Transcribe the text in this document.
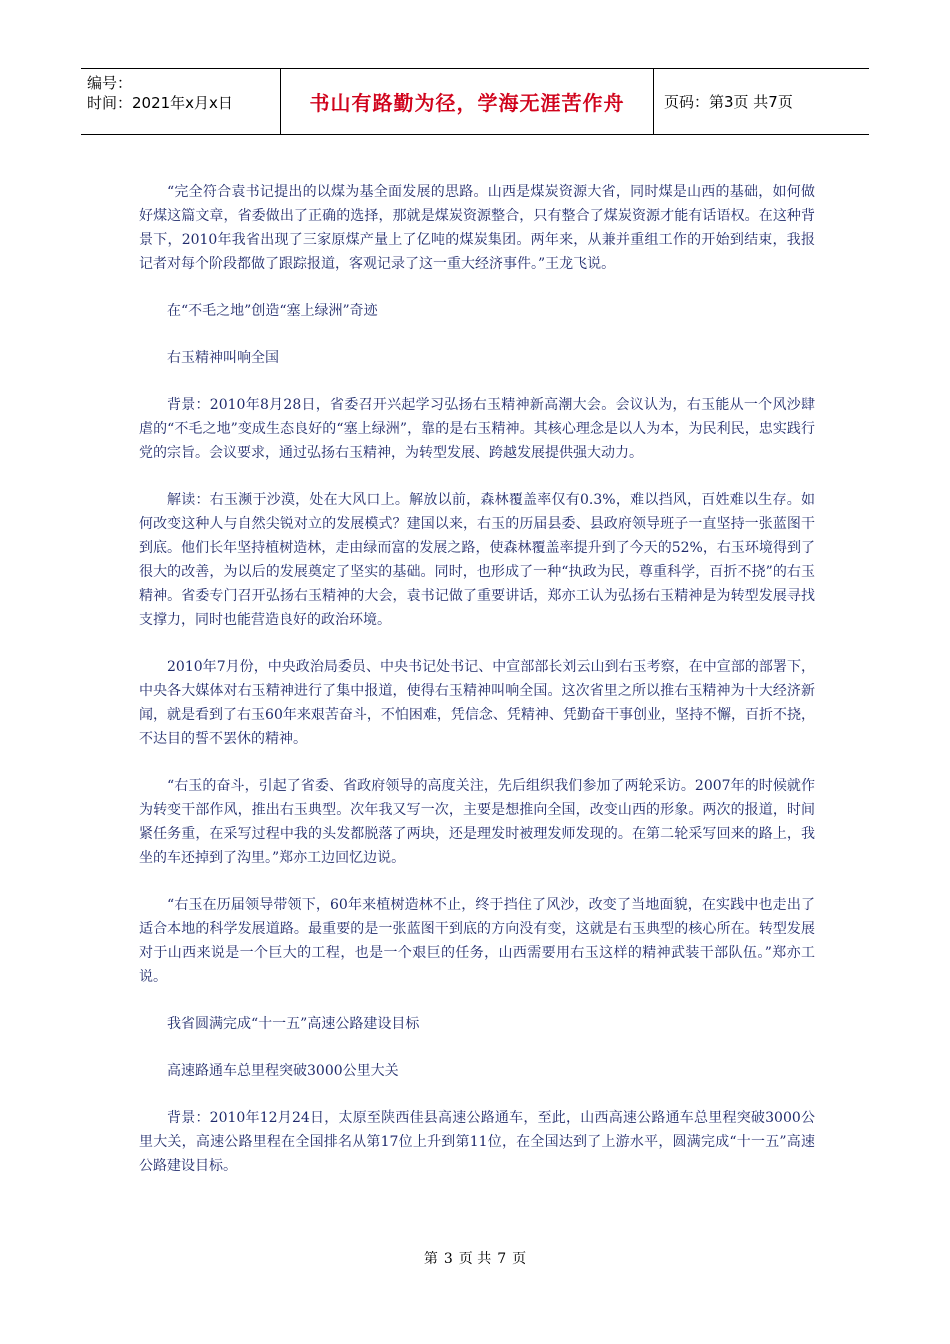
编号：
时间：2021年x月x日	书山有路勤为径，学海无涯苦作舟	页码：第3页 共7页

“完全符合袁书记提出的以煤为基全面发展的思路。山西是煤炭资源大省，同时煤是山西的基础，如何做好煤这篇文章，省委做出了正确的选择，那就是煤炭资源整合，只有整合了煤炭资源才能有话语权。在这种背景下，2010年我省出现了三家原煤产量上了亿吨的煤炭集团。两年来，从兼并重组工作的开始到结束，我报记者对每个阶段都做了跟踪报道，客观记录了这一重大经济事件。”王龙飞说。

在“不毛之地”创造“塞上绿洲”奇迹

右玉精神叫响全国

背景：2010年8月28日，省委召开兴起学习弘扬右玉精神新高潮大会。会议认为，右玉能从一个风沙肆虐的“不毛之地”变成生态良好的“塞上绿洲”，靠的是右玉精神。其核心理念是以人为本，为民利民，忠实践行党的宗旨。会议要求，通过弘扬右玉精神，为转型发展、跨越发展提供强大动力。

解读：右玉濒于沙漠，处在大风口上。解放以前，森林覆盖率仅有0.3%，难以挡风，百姓难以生存。如何改变这种人与自然尖锐对立的发展模式？建国以来，右玉的历届县委、县政府领导班子一直坚持一张蓝图干到底。他们长年坚持植树造林，走由绿而富的发展之路，使森林覆盖率提升到了今天的52%，右玉环境得到了很大的改善，为以后的发展奠定了坚实的基础。同时，也形成了一种“执政为民，尊重科学，百折不挠”的右玉精神。省委专门召开弘扬右玉精神的大会，袁书记做了重要讲话，郑亦工认为弘扬右玉精神是为转型发展寻找支撑力，同时也能营造良好的政治环境。

2010年7月份，中央政治局委员、中央书记处书记、中宣部部长刘云山到右玉考察，在中宣部的部署下，中央各大媒体对右玉精神进行了集中报道，使得右玉精神叫响全国。这次省里之所以推右玉精神为十大经济新闻，就是看到了右玉60年来艰苦奋斗，不怕困难，凭信念、凭精神、凭勤奋干事创业，坚持不懈，百折不挠，不达目的誓不罢休的精神。

“右玉的奋斗，引起了省委、省政府领导的高度关注，先后组织我们参加了两轮采访。2007年的时候就作为转变干部作风，推出右玉典型。次年我又写一次，主要是想推向全国，改变山西的形象。两次的报道，时间紧任务重，在采写过程中我的头发都脱落了两块，还是理发时被理发师发现的。在第二轮采写回来的路上，我坐的车还掉到了沟里。”郑亦工边回忆边说。

“右玉在历届领导带领下，60年来植树造林不止，终于挡住了风沙，改变了当地面貌，在实践中也走出了适合本地的科学发展道路。最重要的是一张蓝图干到底的方向没有变，这就是右玉典型的核心所在。转型发展对于山西来说是一个巨大的工程，也是一个艰巨的任务，山西需要用右玉这样的精神武装干部队伍。”郑亦工说。

我省圆满完成“十一五”高速公路建设目标

高速路通车总里程突破3000公里大关

背景：2010年12月24日，太原至陕西佳县高速公路通车，至此，山西高速公路通车总里程突破3000公里大关，高速公路里程在全国排名从第17位上升到第11位，在全国达到了上游水平，圆满完成“十一五”高速公路建设目标。

第 3 页 共 7 页
